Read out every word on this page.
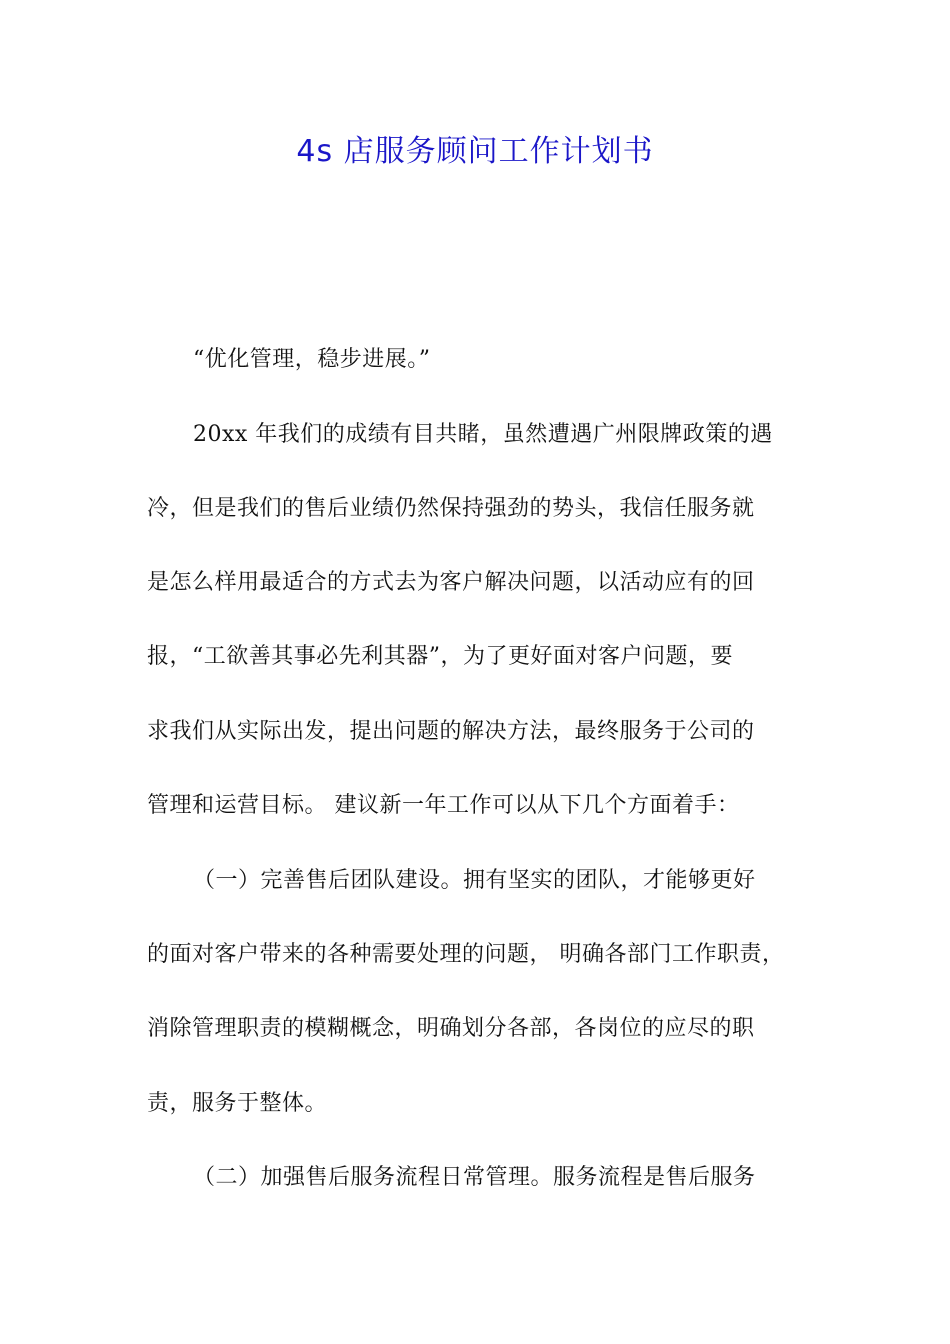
4s 店服务顾问工作计划书
“优化管理，稳步进展。”
20xx 年我们的成绩有目共睹，虽然遭遇广州限牌政策的遇
冷，但是我们的售后业绩仍然保持强劲的势头，我信任服务就
是怎么样用最适合的方式去为客户解决问题，以活动应有的回
报，“工欲善其事必先利其器”，为了更好面对客户问题，要
求我们从实际出发，提出问题的解决方法，最终服务于公司的
管理和运营目标。 建议新一年工作可以从下几个方面着手：
（一）完善售后团队建设。拥有坚实的团队，才能够更好
的面对客户带来的各种需要处理的问题， 明确各部门工作职责，
消除管理职责的模糊概念，明确划分各部，各岗位的应尽的职
责，服务于整体。
（二）加强售后服务流程日常管理。服务流程是售后服务
